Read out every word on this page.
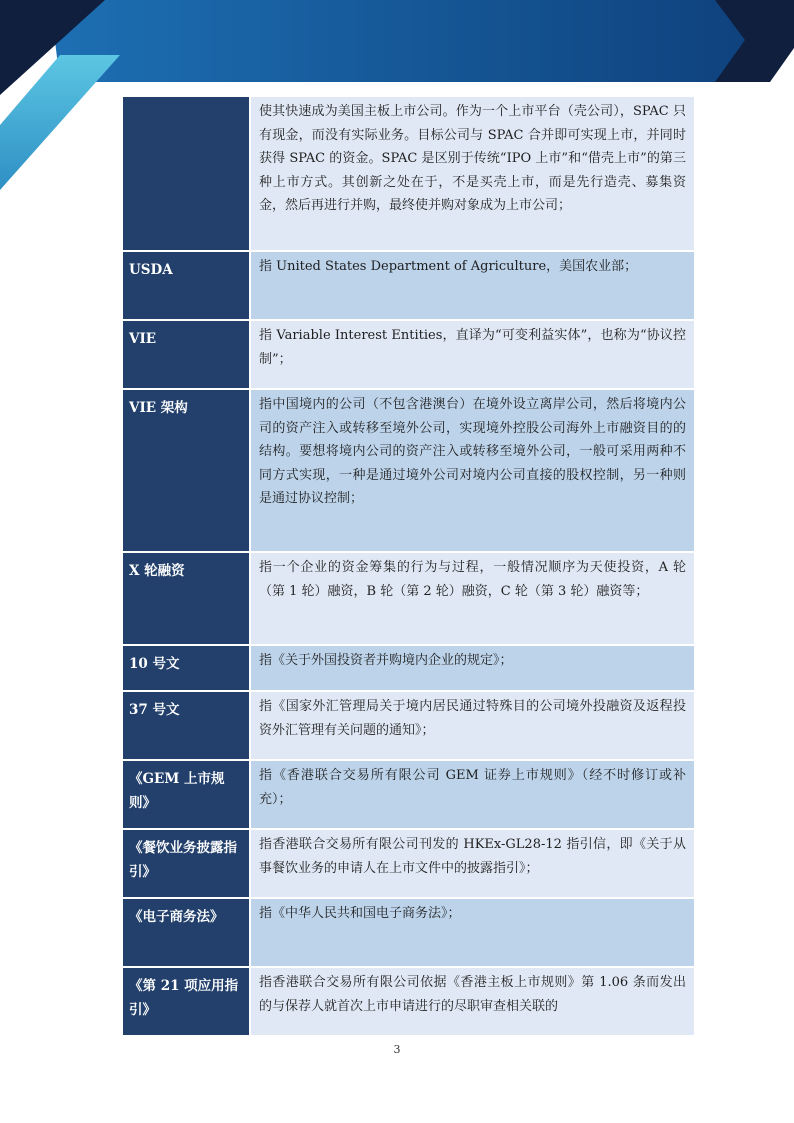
	使其快速成为美国主板上市公司。作为一个上市平台（壳公司），SPAC 只有现金，而没有实际业务。目标公司与 SPAC 合并即可实现上市，并同时获得 SPAC 的资金。SPAC 是区别于传统“IPO 上市”和“借壳上市”的第三种上市方式。其创新之处在于，不是买壳上市，而是先行造壳、募集资金，然后再进行并购，最终使并购对象成为上市公司；
USDA	指 United States Department of Agriculture，美国农业部；
VIE	指 Variable Interest Entities，直译为“可变利益实体”，也称为“协议控制”；
VIE 架构	指中国境内的公司（不包含港澳台）在境外设立离岸公司，然后将境内公司的资产注入或转移至境外公司，实现境外控股公司海外上市融资目的的结构。要想将境内公司的资产注入或转移至境外公司，一般可采用两种不同方式实现，一种是通过境外公司对境内公司直接的股权控制，另一种则是通过协议控制；
X 轮融资	指一个企业的资金筹集的行为与过程，一般情况顺序为天使投资，A 轮（第 1 轮）融资，B 轮（第 2 轮）融资，C 轮（第 3 轮）融资等；
10 号文	指《关于外国投资者并购境内企业的规定》；
37 号文	指《国家外汇管理局关于境内居民通过特殊目的公司境外投融资及返程投资外汇管理有关问题的通知》；
《GEM 上市规则》	指《香港联合交易所有限公司 GEM 证券上市规则》（经不时修订或补充）；
《餐饮业务披露指引》	指香港联合交易所有限公司刊发的 HKEx-GL28-12 指引信，即《关于从事餐饮业务的申请人在上市文件中的披露指引》；
《电子商务法》	指《中华人民共和国电子商务法》；
《第 21 项应用指引》	指香港联合交易所有限公司依据《香港主板上市规则》第 1.06 条而发出的与保荐人就首次上市申请进行的尽职审查相关联的
3
